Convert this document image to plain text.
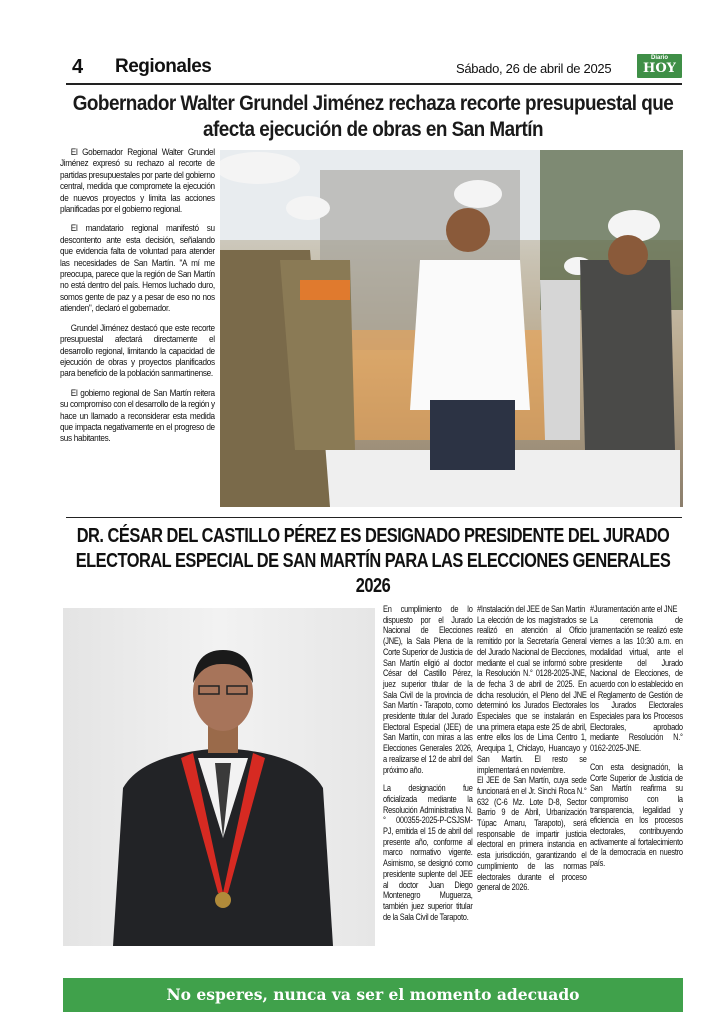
4 Regionales	Sábado, 26 de abril de 2025
Diario
HOY
Gobernador Walter Grundel Jiménez rechaza recorte presupuestal que afecta ejecución de obras en San Martín

El Gobernador Regional Walter Grundel Jiménez expresó su rechazo al recorte de partidas presupuestales por parte del gobierno central, medida que compromete la ejecución de nuevos proyectos y limita las acciones planificadas por el gobierno regional.

El mandatario regional manifestó su descontento ante esta decisión, señalando que evidencia falta de voluntad para atender las necesidades de San Martín. "A mí me preocupa, parece que la región de San Martín no está dentro del país. Hemos luchado duro, somos gente de paz y a pesar de eso no nos atienden", declaró el gobernador.

Grundel Jiménez destacó que este recorte presupuestal afectará directamente el desarrollo regional, limitando la capacidad de ejecución de obras y proyectos planificados para beneficio de la población sanmartinense.

El gobierno regional de San Martín reitera su compromiso con el desarrollo de la región y hace un llamado a reconsiderar esta medida que impacta negativamente en el progreso de sus habitantes.

DR. CÉSAR DEL CASTILLO PÉREZ ES DESIGNADO PRESIDENTE DEL JURADO ELECTORAL ESPECIAL DE SAN MARTÍN PARA LAS ELECCIONES GENERALES 2026

En cumplimiento de lo dispuesto por el Jurado Nacional de Elecciones (JNE), la Sala Plena de la Corte Superior de Justicia de San Martín eligió al doctor César del Castillo Pérez, juez superior titular de la Sala Civil de la provincia de San Martín - Tarapoto, como presidente titular del Jurado Electoral Especial (JEE) de San Martín, con miras a las Elecciones Generales 2026, a realizarse el 12 de abril del próximo año.

La designación fue oficializada mediante la Resolución Administrativa N.° 000355-2025-P-CSJSM-PJ, emitida el 15 de abril del presente año, conforme al marco normativo vigente. Asimismo, se designó como presidente suplente del JEE al doctor Juan Diego Montenegro Muguerza, también juez superior titular de la Sala Civil de Tarapoto.

#Instalación del JEE de San Martín

La elección de los magistrados se realizó en atención al Oficio remitido por la Secretaría General del Jurado Nacional de Elecciones, mediante el cual se informó sobre la Resolución N.° 0128-2025-JNE, de fecha 3 de abril de 2025. En dicha resolución, el Pleno del JNE determinó los Jurados Electorales Especiales que se instalarán en una primera etapa este 25 de abril, entre ellos los de Lima Centro 1, Arequipa 1, Chiclayo, Huancayo y San Martín. El resto se implementará en noviembre.

El JEE de San Martín, cuya sede funcionará en el Jr. Sinchi Roca N.° 632 (C-6 Mz. Lote D-8, Sector Barrio 9 de Abril, Urbanización Túpac Amaru, Tarapoto), será responsable de impartir justicia electoral en primera instancia en esta jurisdicción, garantizando el cumplimiento de las normas electorales durante el proceso general de 2026.

#Juramentación ante el JNE

La ceremonia de juramentación se realizó este viernes a las 10:30 a.m. en modalidad virtual, ante el presidente del Jurado Nacional de Elecciones, de acuerdo con lo establecido en el Reglamento de Gestión de los Jurados Electorales Especiales para los Procesos Electorales, aprobado mediante Resolución N.° 0162-2025-JNE.

Con esta designación, la Corte Superior de Justicia de San Martín reafirma su compromiso con la transparencia, legalidad y eficiencia en los procesos electorales, contribuyendo activamente al fortalecimiento de la democracia en nuestro país.

No esperes, nunca va ser el momento adecuado
